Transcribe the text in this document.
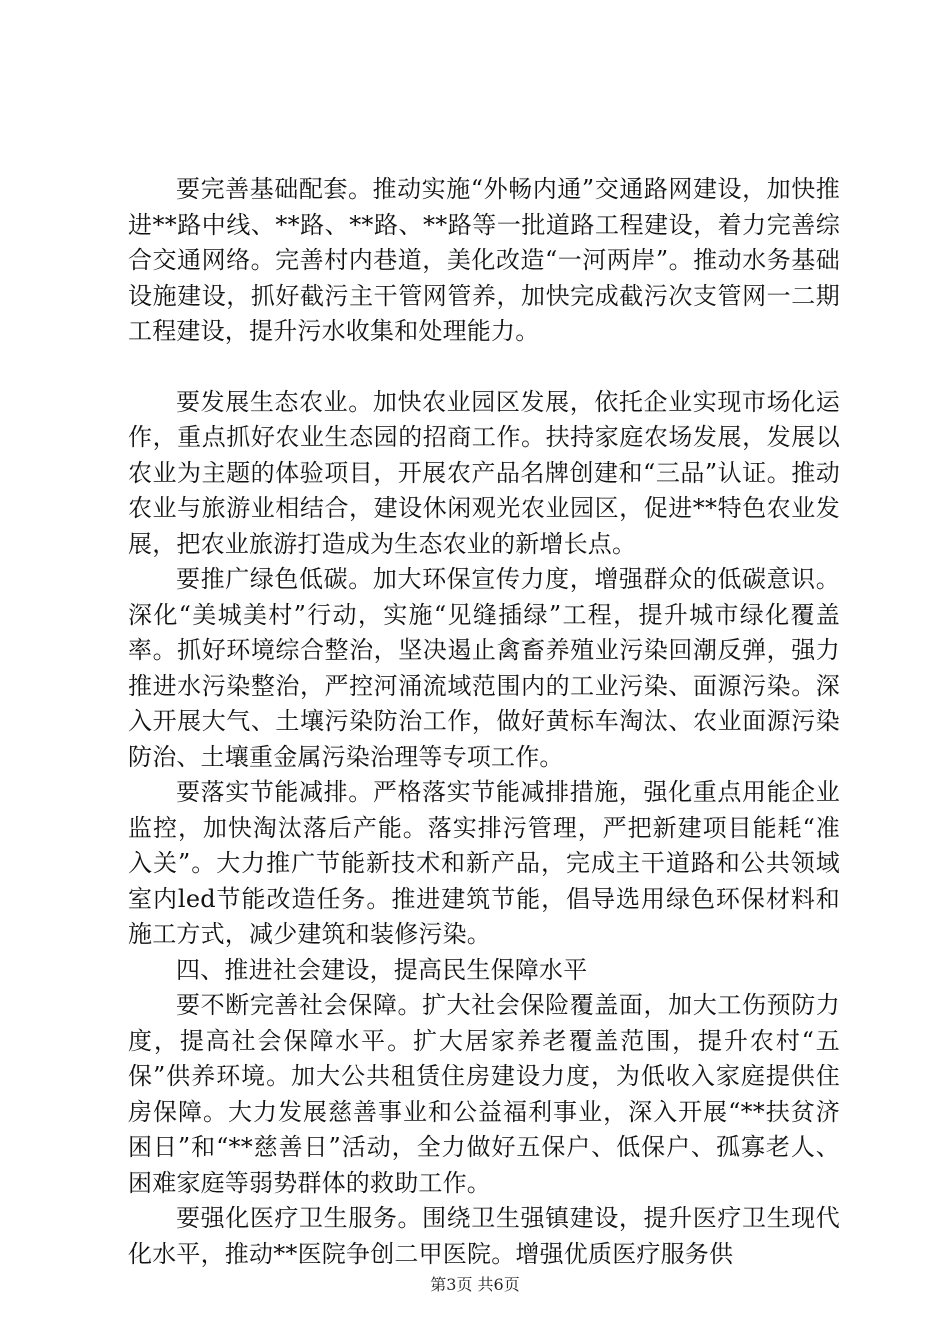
要完善基础配套。推动实施“外畅内通”交通路网建设，加快推进**路中线、**路、**路、**路等一批道路工程建设，着力完善综合交通网络。完善村内巷道，美化改造“一河两岸”。推动水务基础设施建设，抓好截污主干管网管养，加快完成截污次支管网一二期工程建设，提升污水收集和处理能力。

要发展生态农业。加快农业园区发展，依托企业实现市场化运作，重点抓好农业生态园的招商工作。扶持家庭农场发展，发展以农业为主题的体验项目，开展农产品名牌创建和“三品”认证。推动农业与旅游业相结合，建设休闲观光农业园区，促进**特色农业发展，把农业旅游打造成为生态农业的新增长点。

要推广绿色低碳。加大环保宣传力度，增强群众的低碳意识。深化“美城美村”行动，实施“见缝插绿”工程，提升城市绿化覆盖率。抓好环境综合整治，坚决遏止禽畜养殖业污染回潮反弹，强力推进水污染整治，严控河涌流域范围内的工业污染、面源污染。深入开展大气、土壤污染防治工作，做好黄标车淘汰、农业面源污染防治、土壤重金属污染治理等专项工作。

要落实节能减排。严格落实节能减排措施，强化重点用能企业监控，加快淘汰落后产能。落实排污管理，严把新建项目能耗“准入关”。大力推广节能新技术和新产品，完成主干道路和公共领域室内led节能改造任务。推进建筑节能，倡导选用绿色环保材料和施工方式，减少建筑和装修污染。

四、推进社会建设，提高民生保障水平

要不断完善社会保障。扩大社会保险覆盖面，加大工伤预防力度，提高社会保障水平。扩大居家养老覆盖范围，提升农村“五保”供养环境。加大公共租赁住房建设力度，为低收入家庭提供住房保障。大力发展慈善事业和公益福利事业，深入开展“**扶贫济困日”和“**慈善日”活动，全力做好五保户、低保户、孤寡老人、困难家庭等弱势群体的救助工作。

要强化医疗卫生服务。围绕卫生强镇建设，提升医疗卫生现代化水平，推动**医院争创二甲医院。增强优质医疗服务供

第3页 共6页
